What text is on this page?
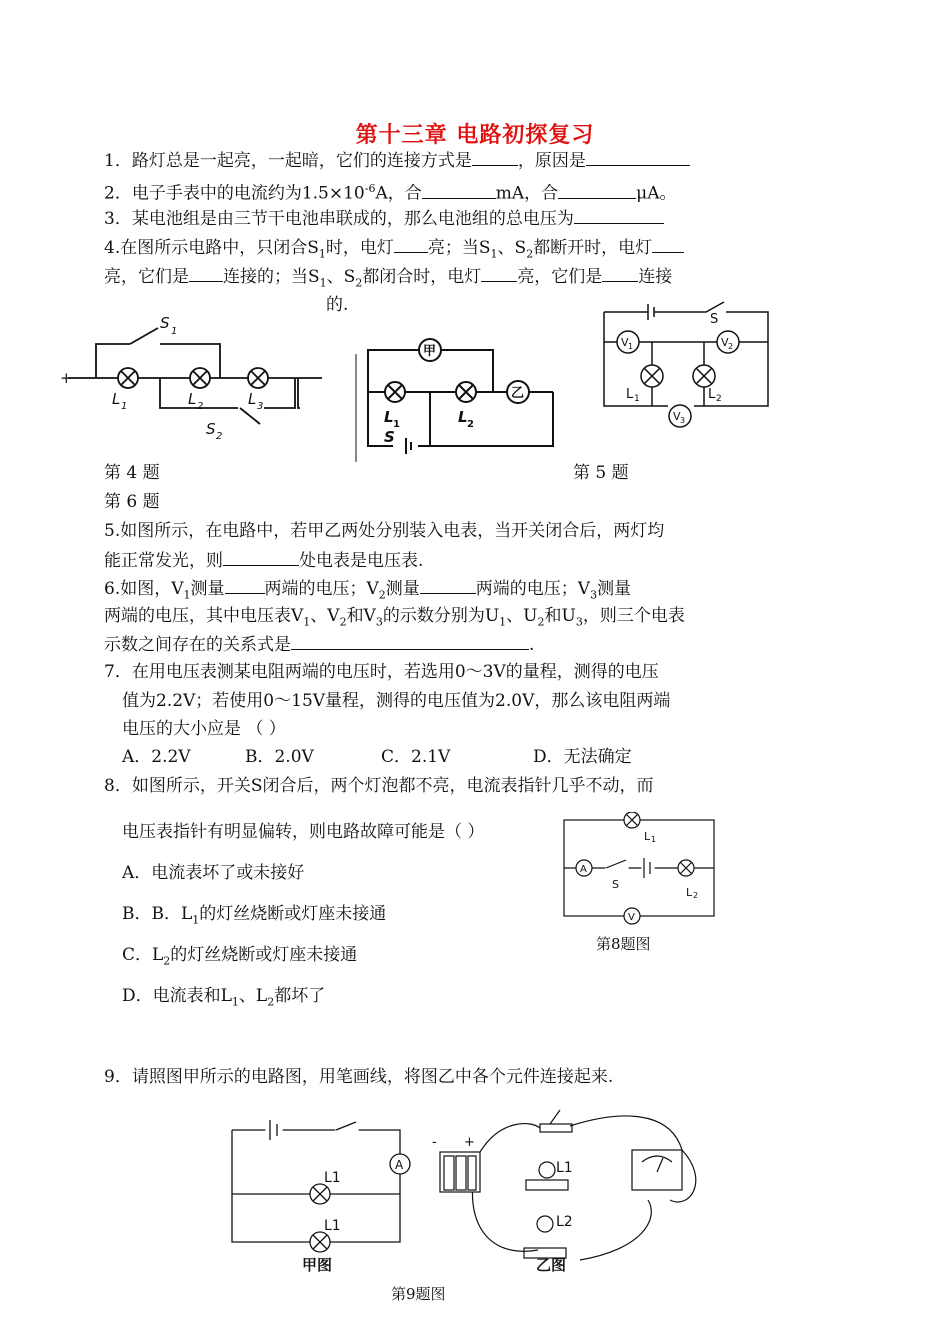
第十三章 电路初探复习
1．路灯总是一起亮，一起暗，它们的连接方式是	，原因是
2．电子手表中的电流约为$1.5\times 10^{-6}A$，合	mA，合	μA。
3．某电池组是由三节干电池串联成的，那么电池组的总电压为
4.在图所示电路中，只闭合$S_1$时，电灯 亮；当$S_1$、$S_2$都断开时，电灯
亮，它们是 连接的；当$S_1$、$S_2$都闭合时，电灯 亮，它们是 连接
的.
S 1
L 1	L 2	L 3
S 2
+
甲
乙
L 1	L 2
S
S
V 1	V 2
V 3
L 1	L 2
第 4 题	第 5 题
第 6 题
5.如图所示，在电路中，若甲乙两处分别装入电表，当开关闭合后，两灯均
能正常发光，则	处电表是电压表.
6.如图，$V_1$测量 两端的电压；$V_2$测量	两端的电压；$V_3$测量
两端的电压，其中电压表$V_1$、$V_2$和$V_3$的示数分别为$U_1$、$U_2$和$U_3$，则三个电表
示数之间存在的关系式是	.
7．在用电压表测某电阻两端的电压时，若选用0～3V的量程，测得的电压
值为2.2V；若使用0～15V量程，测得的电压值为2.0V，那么该电阻两端
电压的大小应是 （ ）
A．2.2V	B．2.0V	C．2.1V	D．无法确定
8．如图所示，开关S闭合后，两个灯泡都不亮，电流表指针几乎不动，而
电压表指针有明显偏转，则电路故障可能是（ ）
A．电流表坏了或未接好
B．B．$L_1$的灯丝烧断或灯座未接通
C．$L_2$的灯丝烧断或灯座未接通
D．电流表和$L_1$、$L_2$都坏了
A
V
L 1
S
L 2
第8题图
9．请照图甲所示的电路图，用笔画线，将图乙中各个元件连接起来.
A
L1
L1
甲图
- +
L1
L2
乙图
第9题图
